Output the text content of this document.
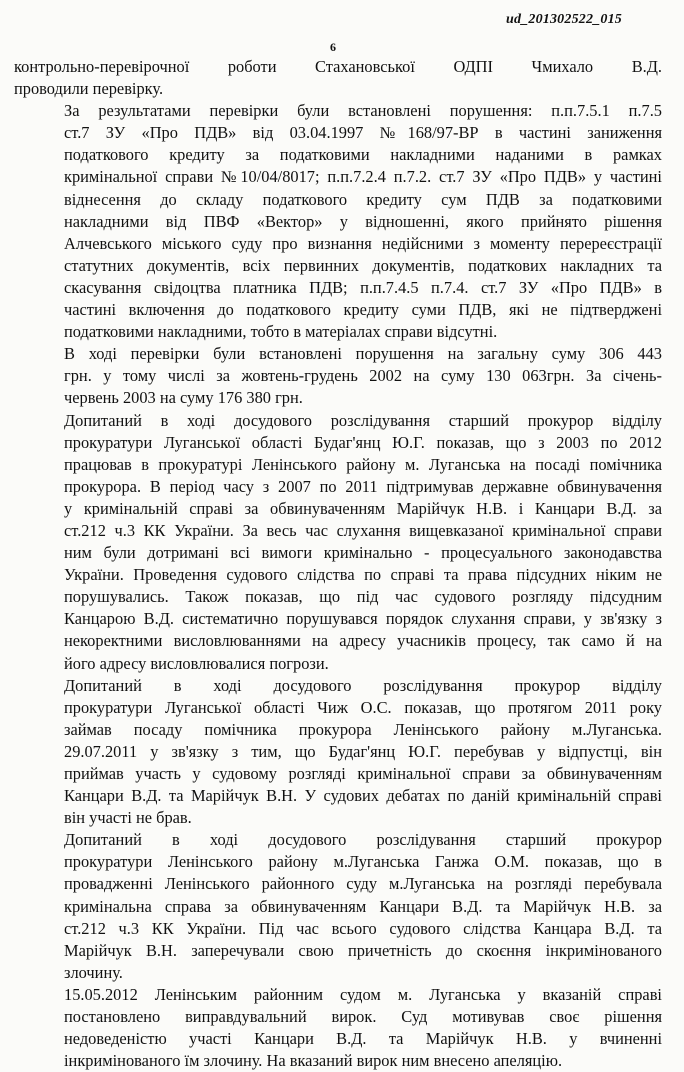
ud_201302522_015
6

контрольно-перевірочної роботи Стахановської ОДПІ Чмихало В.Д.
проводили перевірку.

За результатами перевірки були встановлені порушення: п.п.7.5.1 п.7.5
ст.7 ЗУ «Про ПДВ» від 03.04.1997 №168/97-ВР в частині заниження
податкового кредиту за податковими накладними наданими в рамках
кримінальної справи №10/04/8017; п.п.7.2.4 п.7.2. ст.7 ЗУ «Про ПДВ» у частині
віднесення до складу податкового кредиту сум ПДВ за податковими
накладними від ПВФ «Вектор» у відношенні, якого прийнято рішення
Алчевського міського суду про визнання недійсними з моменту перереєстрації
статутних документів, всіх первинних документів, податкових накладних та
скасування свідоцтва платника ПДВ; п.п.7.4.5 п.7.4. ст.7 ЗУ «Про ПДВ» в
частині включення до податкового кредиту суми ПДВ, які не підтверджені
податковими накладними, тобто в матеріалах справи відсутні.

В ході перевірки були встановлені порушення на загальну суму 306 443
грн. у тому числі за жовтень-грудень 2002 на суму 130 063грн. За січень-
червень 2003 на суму 176 380 грн.

Допитаний в ході досудового розслідування старший прокурор відділу
прокуратури Луганської області Будаг'янц Ю.Г. показав, що з 2003 по 2012
працював в прокуратурі Ленінського району м. Луганська на посаді помічника
прокурора. В період часу з 2007 по 2011 підтримував державне обвинувачення
у кримінальній справі за обвинуваченням Марійчук Н.В. і Канцари В.Д. за
ст.212 ч.3 КК України. За весь час слухання вищевказаної кримінальної справи
ним були дотримані всі вимоги кримінально - процесуального законодавства
України. Проведення судового слідства по справі та права підсудних ніким не
порушувались. Також показав, що під час судового розгляду підсудним
Канцарою В.Д. систематично порушувався порядок слухання справи, у зв'язку з
некоректними висловлюваннями на адресу учасників процесу, так само й на
його адресу висловлювалися погрози.

Допитаний в ході досудового розслідування прокурор відділу
прокуратури Луганської області Чиж О.С. показав, що протягом 2011 року
займав посаду помічника прокурора Ленінського району м.Луганська.
29.07.2011 у зв'язку з тим, що Будаг'янц Ю.Г. перебував у відпустці, він
приймав участь у судовому розгляді кримінальної справи за обвинуваченням
Канцари В.Д. та Марійчук В.Н. У судових дебатах по даній кримінальній справі
він участі не брав.

Допитаний в ході досудового розслідування старший прокурор
прокуратури Ленінського району м.Луганська Ганжа О.М. показав, що в
провадженні Ленінського районного суду м.Луганська на розгляді перебувала
кримінальна справа за обвинуваченням Канцари В.Д. та Марійчук Н.В. за
ст.212 ч.3 КК України. Під час всього судового слідства Канцара В.Д. та
Марійчук В.Н. заперечували свою причетність до скоєння інкримінованого
злочину.

15.05.2012 Ленінським районним судом м. Луганська у вказаній справі
постановлено виправдувальний вирок. Суд мотивував своє рішення
недоведеністю участі Канцари В.Д. та Марійчук Н.В. у вчиненні
інкримінованого їм злочину. На вказаний вирок ним внесено апеляцію.
